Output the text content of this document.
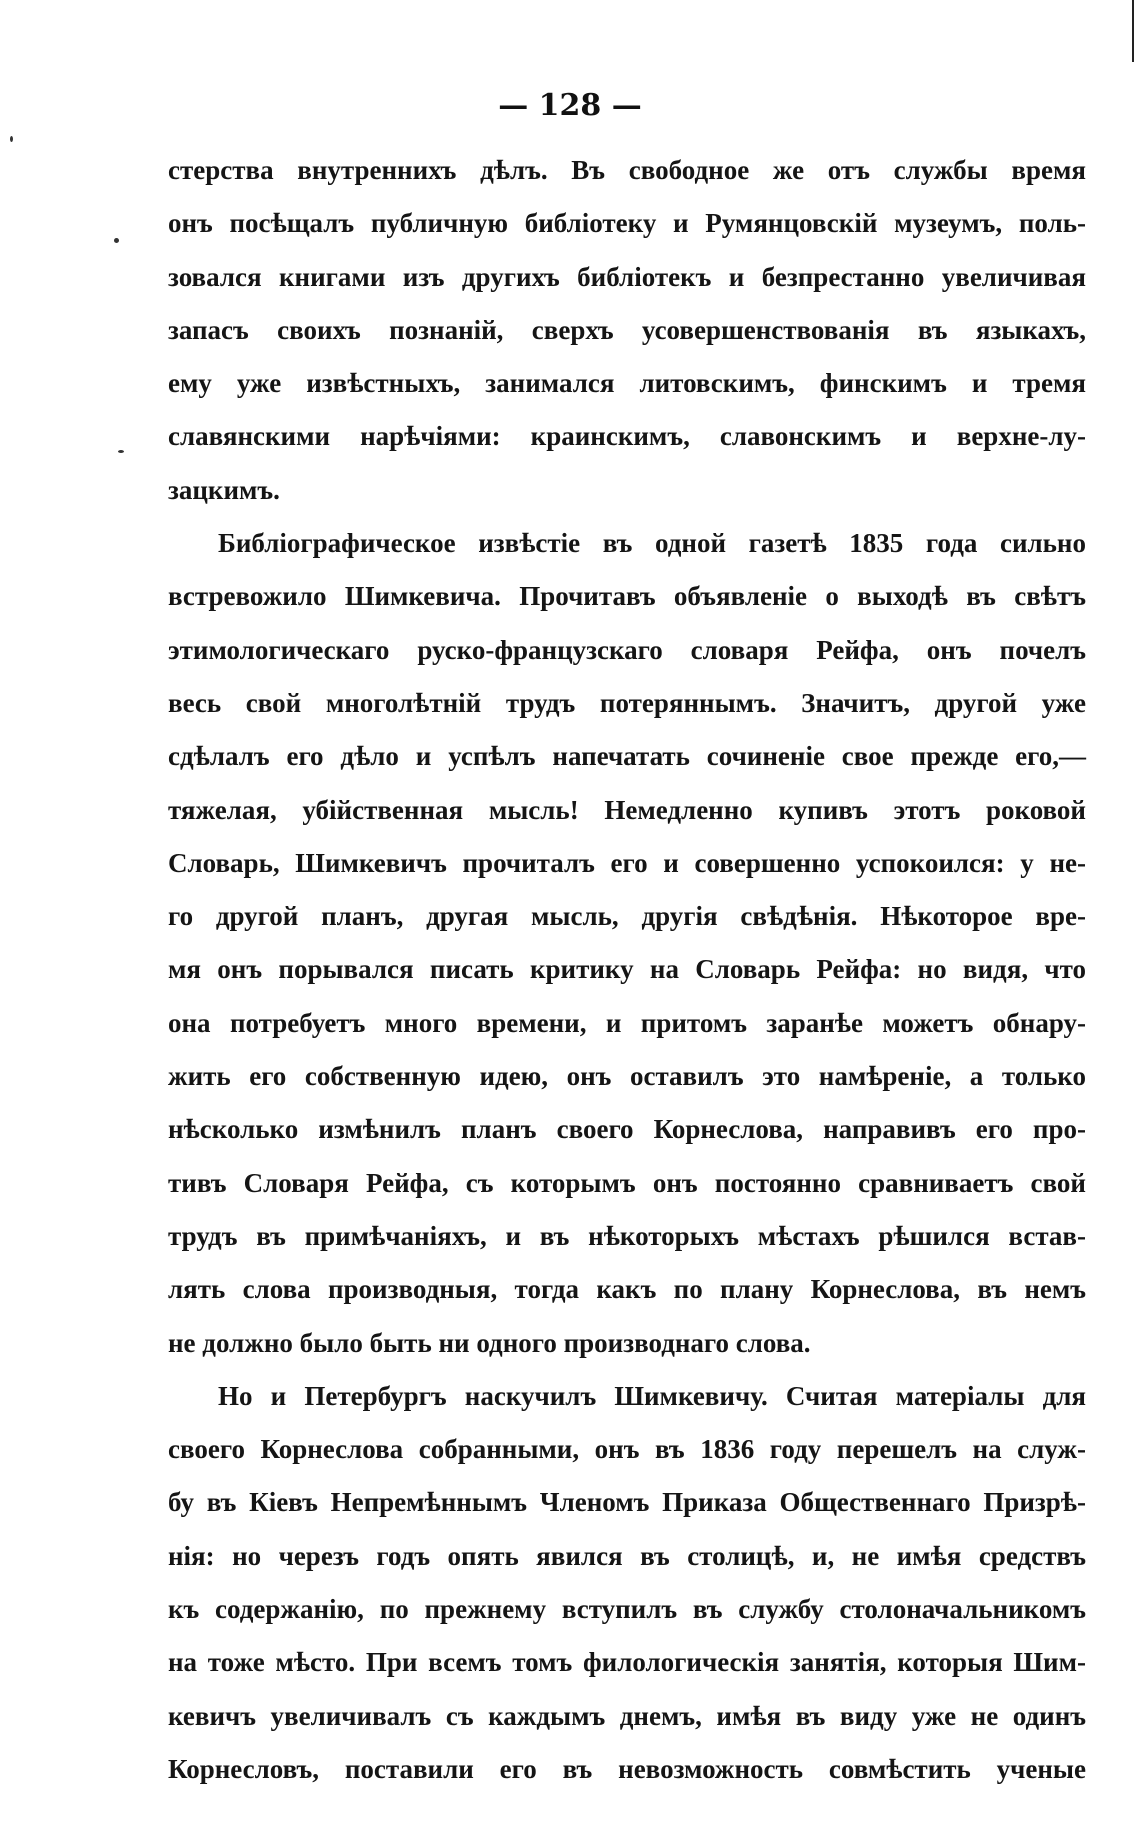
— 128 —
стерства внутреннихъ дѣлъ. Въ свободное же отъ службы время
онъ посѣщалъ публичную библіотеку и Румянцовскій музеумъ, поль-
зовался книгами изъ другихъ библіотекъ и безпрестанно увеличивая
запасъ своихъ познаній, сверхъ усовершенствованія въ языкахъ,
ему уже извѣстныхъ, занимался литовскимъ, финскимъ и тремя
славянскими нарѣчіями: краинскимъ, славонскимъ и верхне-лу-
зацкимъ.
Библіографическое извѣстіе въ одной газетѣ 1835 года сильно
встревожило Шимкевича. Прочитавъ объявленіе о выходѣ въ свѣтъ
этимологическаго руско-французскаго словаря Рейфа, онъ почелъ
весь свой многолѣтній трудъ потеряннымъ. Значитъ, другой уже
сдѣлалъ его дѣло и успѣлъ напечатать сочиненіе свое прежде его,—
тяжелая, убійственная мысль! Немедленно купивъ этотъ роковой
Словарь, Шимкевичъ прочиталъ его и совершенно успокоился: у не-
го другой планъ, другая мысль, другія свѣдѣнія. Нѣкоторое вре-
мя онъ порывался писать критику на Словарь Рейфа: но видя, что
она потребуетъ много времени, и притомъ заранѣе можетъ обнару-
жить его собственную идею, онъ оставилъ это намѣреніе, а только
нѣсколько измѣнилъ планъ своего Корнеслова, направивъ его про-
тивъ Словаря Рейфа, съ которымъ онъ постоянно сравниваетъ свой
трудъ въ примѣчаніяхъ, и въ нѣкоторыхъ мѣстахъ рѣшился встав-
лять слова производныя, тогда какъ по плану Корнеслова, въ немъ
не должно было быть ни одного производнаго слова.
Но и Петербургъ наскучилъ Шимкевичу. Считая матеріалы для
своего Корнеслова собранными, онъ въ 1836 году перешелъ на служ-
бу въ Кіевъ Непремѣннымъ Членомъ Приказа Общественнаго Призрѣ-
нія: но черезъ годъ опять явился въ столицѣ, и, не имѣя средствъ
къ содержанію, по прежнему вступилъ въ службу столоначальникомъ
на тоже мѣсто. При всемъ томъ филологическія занятія, которыя Шим-
кевичъ увеличивалъ съ каждымъ днемъ, имѣя въ виду уже не одинъ
Корнесловъ, поставили его въ невозможность совмѣстить ученые
